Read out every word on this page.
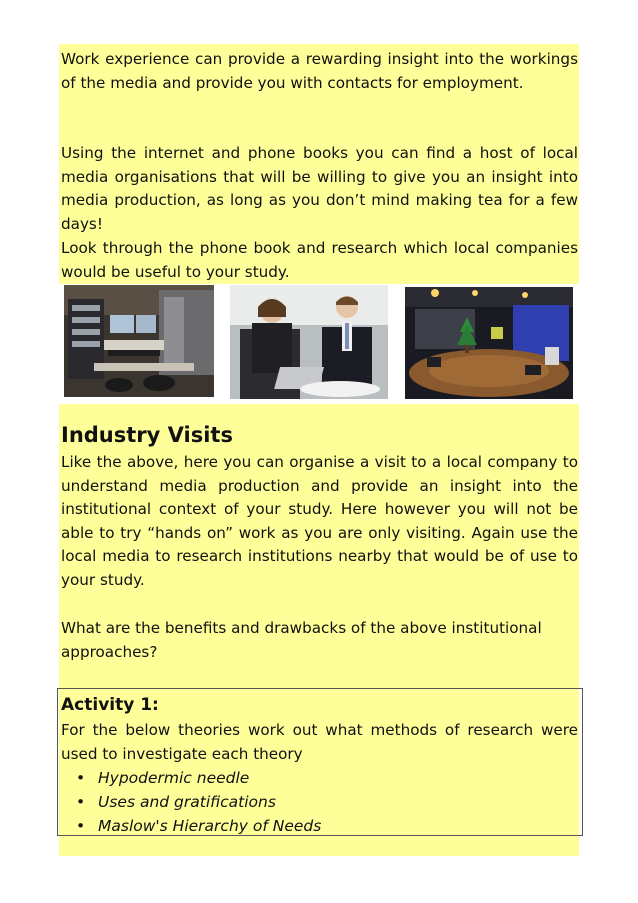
Work experience can provide a rewarding insight into the workings of the media and provide you with contacts for employment.
Using the internet and phone books you can find a host of local media organisations that will be willing to give you an insight into media production, as long as you don’t mind making tea for a few days!
Look through the phone book and research which local companies would be useful to your study.
Industry Visits
Like the above, here you can organise a visit to a local company to understand media production and provide an insight into the institutional context of your study. Here however you will not be able to try “hands on” work as you are only visiting. Again use the local media to research institutions nearby that would be of use to your study.
What are the benefits and drawbacks of the above institutional approaches?
Activity 1:
For the below theories work out what methods of research were used to investigate each theory
• Hypodermic needle
• Uses and gratifications
• Maslow's Hierarchy of Needs
